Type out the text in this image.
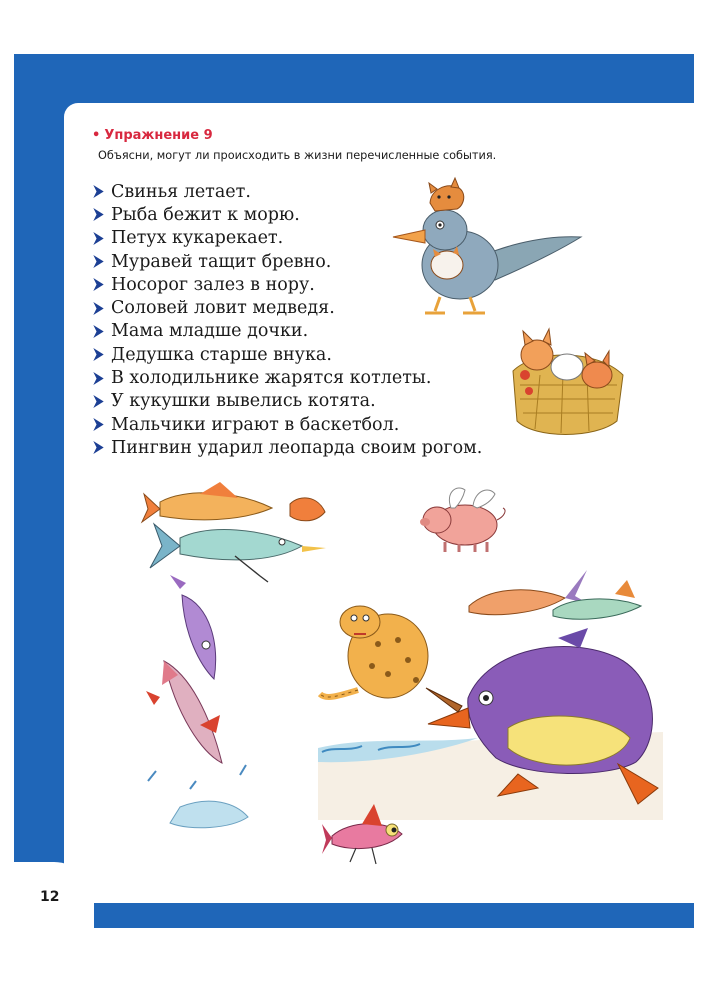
12
• Упражнение 9
Объясни, могут ли происходить в жизни перечисленные события.
Свинья летает.
Рыба бежит к морю.
Петух кукарекает.
Муравей тащит бревно.
Носорог залез в нору.
Соловей ловит медведя.
Мама младше дочки.
Дедушка старше внука.
В холодильнике жарятся котлеты.
У кукушки вывелись котята.
Мальчики играют в баскетбол.
Пингвин ударил леопарда своим рогом.
